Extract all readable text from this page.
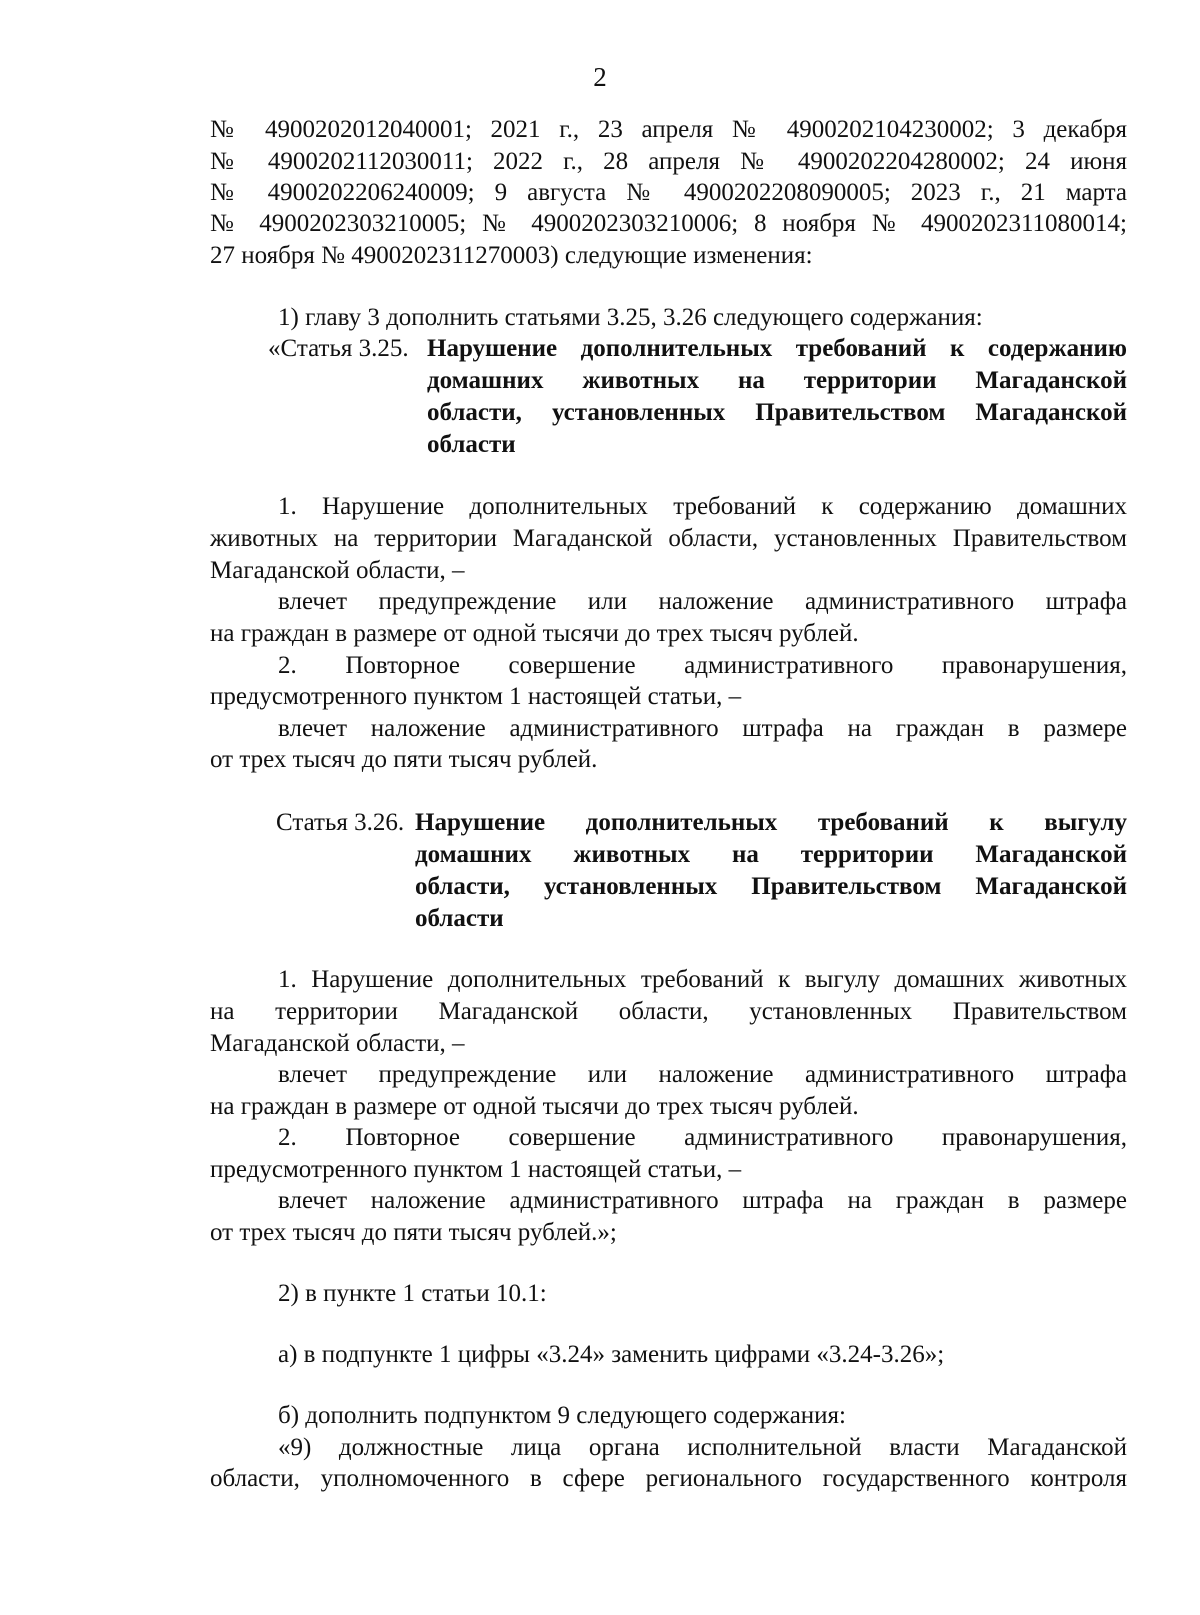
2
№ 4900202012040001; 2021 г., 23 апреля № 4900202104230002; 3 декабря
№ 4900202112030011; 2022 г., 28 апреля № 4900202204280002; 24 июня
№ 4900202206240009; 9 августа № 4900202208090005; 2023 г., 21 марта
№ 4900202303210005; № 4900202303210006; 8 ноября № 4900202311080014;
27 ноября № 4900202311270003) следующие изменения:
1) главу 3 дополнить статьями 3.25, 3.26 следующего содержания:
«Статья 3.25. Нарушение дополнительных требований к содержанию
домашних животных на территории Магаданской
области, установленных Правительством Магаданской
области
1. Нарушение дополнительных требований к содержанию домашних
животных на территории Магаданской области, установленных Правительством
Магаданской области, –
влечет предупреждение или наложение административного штрафа
на граждан в размере от одной тысячи до трех тысяч рублей.
2. Повторное совершение административного правонарушения,
предусмотренного пунктом 1 настоящей статьи, –
влечет наложение административного штрафа на граждан в размере
от трех тысяч до пяти тысяч рублей.
Статья 3.26. Нарушение дополнительных требований к выгулу
домашних животных на территории Магаданской
области, установленных Правительством Магаданской
области
1. Нарушение дополнительных требований к выгулу домашних животных
на территории Магаданской области, установленных Правительством
Магаданской области, –
влечет предупреждение или наложение административного штрафа
на граждан в размере от одной тысячи до трех тысяч рублей.
2. Повторное совершение административного правонарушения,
предусмотренного пунктом 1 настоящей статьи, –
влечет наложение административного штрафа на граждан в размере
от трех тысяч до пяти тысяч рублей.»;
2) в пункте 1 статьи 10.1:
а) в подпункте 1 цифры «3.24» заменить цифрами «3.24-3.26»;
б) дополнить подпунктом 9 следующего содержания:
«9) должностные лица органа исполнительной власти Магаданской
области, уполномоченного в сфере регионального государственного контроля
